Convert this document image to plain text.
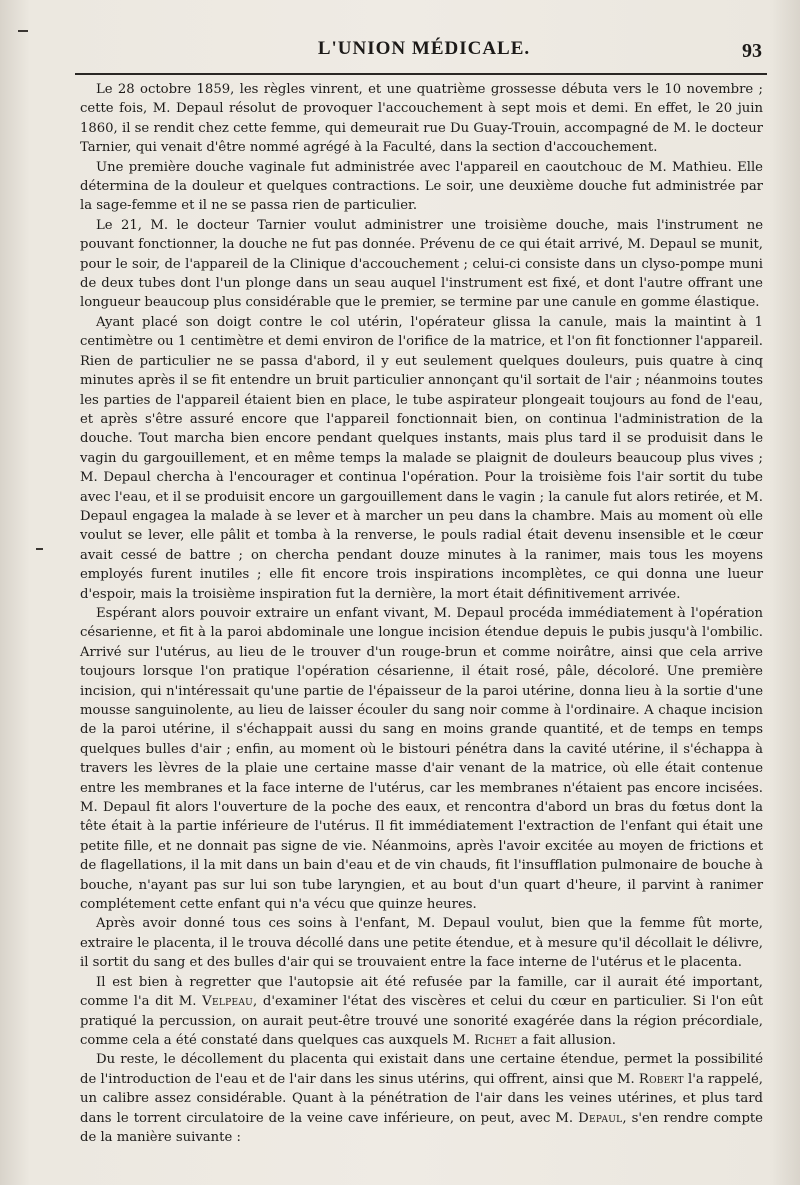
L'UNION MÉDICALE.	93

Le 28 octobre 1859, les règles vinrent, et une quatrième grossesse débuta vers le 10 novembre ; cette fois, M. Depaul résolut de provoquer l'accouchement à sept mois et demi. En effet, le 20 juin 1860, il se rendit chez cette femme, qui demeurait rue Du Guay-Trouin, accompagné de M. le docteur Tarnier, qui venait d'être nommé agrégé à la Faculté, dans la section d'accouchement.

Une première douche vaginale fut administrée avec l'appareil en caoutchouc de M. Mathieu. Elle détermina de la douleur et quelques contractions. Le soir, une deuxième douche fut administrée par la sage-femme et il ne se passa rien de particulier.

Le 21, M. le docteur Tarnier voulut administrer une troisième douche, mais l'instrument ne pouvant fonctionner, la douche ne fut pas donnée. Prévenu de ce qui était arrivé, M. Depaul se munit, pour le soir, de l'appareil de la Clinique d'accouchement ; celui-ci consiste dans un clyso-pompe muni de deux tubes dont l'un plonge dans un seau auquel l'instrument est fixé, et dont l'autre offrant une longueur beaucoup plus considérable que le premier, se termine par une canule en gomme élastique.

Ayant placé son doigt contre le col utérin, l'opérateur glissa la canule, mais la maintint à 1 centimètre ou 1 centimètre et demi environ de l'orifice de la matrice, et l'on fit fonctionner l'appareil. Rien de particulier ne se passa d'abord, il y eut seulement quelques douleurs, puis quatre à cinq minutes après il se fit entendre un bruit particulier annonçant qu'il sortait de l'air ; néanmoins toutes les parties de l'appareil étaient bien en place, le tube aspirateur plongeait toujours au fond de l'eau, et après s'être assuré encore que l'appareil fonctionnait bien, on continua l'administration de la douche. Tout marcha bien encore pendant quelques instants, mais plus tard il se produisit dans le vagin du gargouillement, et en même temps la malade se plaignit de douleurs beaucoup plus vives ; M. Depaul chercha à l'encourager et continua l'opération. Pour la troisième fois l'air sortit du tube avec l'eau, et il se produisit encore un gargouillement dans le vagin ; la canule fut alors retirée, et M. Depaul engagea la malade à se lever et à marcher un peu dans la chambre. Mais au moment où elle voulut se lever, elle pâlit et tomba à la renverse, le pouls radial était devenu insensible et le cœur avait cessé de battre ; on chercha pendant douze minutes à la ranimer, mais tous les moyens employés furent inutiles ; elle fit encore trois inspirations incomplètes, ce qui donna une lueur d'espoir, mais la troisième inspiration fut la dernière, la mort était définitivement arrivée.

Espérant alors pouvoir extraire un enfant vivant, M. Depaul procéda immédiatement à l'opération césarienne, et fit à la paroi abdominale une longue incision étendue depuis le pubis jusqu'à l'ombilic. Arrivé sur l'utérus, au lieu de le trouver d'un rouge-brun et comme noirâtre, ainsi que cela arrive toujours lorsque l'on pratique l'opération césarienne, il était rosé, pâle, décoloré. Une première incision, qui n'intéressait qu'une partie de l'épaisseur de la paroi utérine, donna lieu à la sortie d'une mousse sanguinolente, au lieu de laisser écouler du sang noir comme à l'ordinaire. A chaque incision de la paroi utérine, il s'échappait aussi du sang en moins grande quantité, et de temps en temps quelques bulles d'air ; enfin, au moment où le bistouri pénétra dans la cavité utérine, il s'échappa à travers les lèvres de la plaie une certaine masse d'air venant de la matrice, où elle était contenue entre les membranes et la face interne de l'utérus, car les membranes n'étaient pas encore incisées. M. Depaul fit alors l'ouverture de la poche des eaux, et rencontra d'abord un bras du fœtus dont la tête était à la partie inférieure de l'utérus. Il fit immédiatement l'extraction de l'enfant qui était une petite fille, et ne donnait pas signe de vie. Néanmoins, après l'avoir excitée au moyen de frictions et de flagellations, il la mit dans un bain d'eau et de vin chauds, fit l'insufflation pulmonaire de bouche à bouche, n'ayant pas sur lui son tube laryngien, et au bout d'un quart d'heure, il parvint à ranimer complétement cette enfant qui n'a vécu que quinze heures.

Après avoir donné tous ces soins à l'enfant, M. Depaul voulut, bien que la femme fût morte, extraire le placenta, il le trouva décollé dans une petite étendue, et à mesure qu'il décollait le délivre, il sortit du sang et des bulles d'air qui se trouvaient entre la face interne de l'utérus et le placenta.

Il est bien à regretter que l'autopsie ait été refusée par la famille, car il aurait été important, comme l'a dit M. Velpeau, d'examiner l'état des viscères et celui du cœur en particulier. Si l'on eût pratiqué la percussion, on aurait peut-être trouvé une sonorité exagérée dans la région précordiale, comme cela a été constaté dans quelques cas auxquels M. Richet a fait allusion.

Du reste, le décollement du placenta qui existait dans une certaine étendue, permet la possibilité de l'introduction de l'eau et de l'air dans les sinus utérins, qui offrent, ainsi que M. Robert l'a rappelé, un calibre assez considérable. Quant à la pénétration de l'air dans les veines utérines, et plus tard dans le torrent circulatoire de la veine cave inférieure, on peut, avec M. Depaul, s'en rendre compte de la manière suivante :
